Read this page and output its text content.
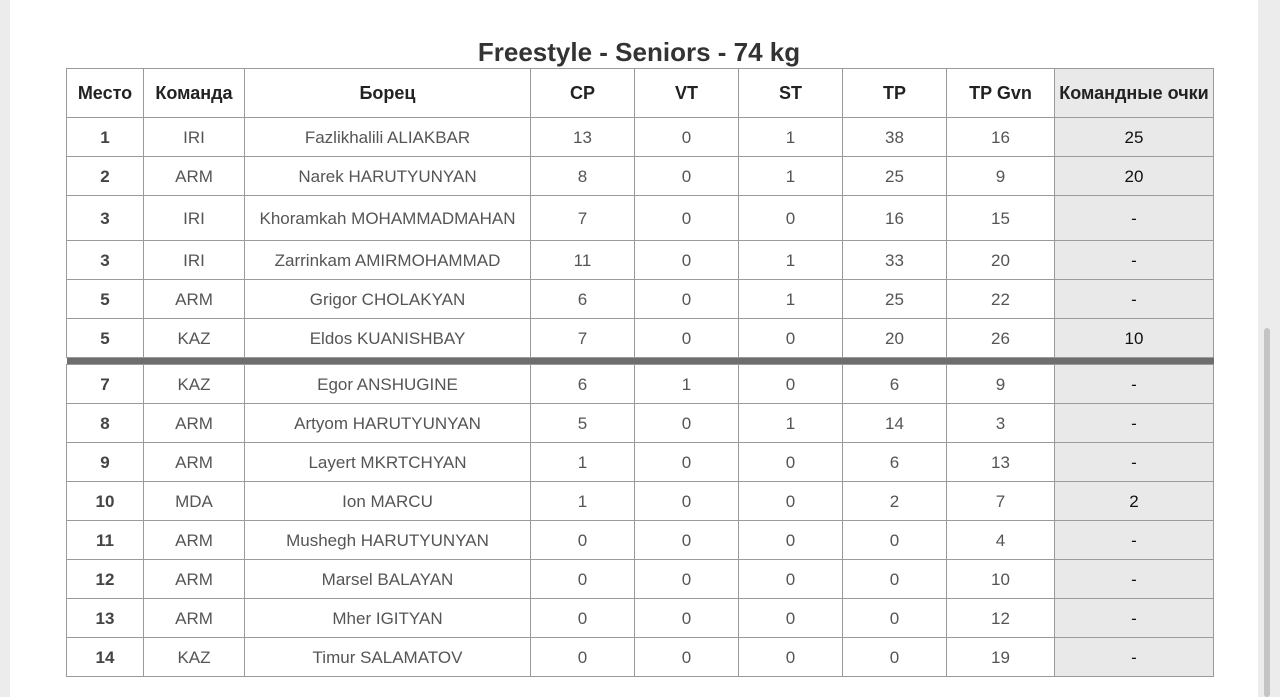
Freestyle - Seniors - 74 kg
Место	Команда	Борец	CP	VT	ST	TP	TP Gvn	Командные очки
1	IRI	Fazlikhalili ALIAKBAR	13	0	1	38	16	25
2	ARM	Narek HARUTYUNYAN	8	0	1	25	9	20
3	IRI	Khoramkah MOHAMMADMAHAN	7	0	0	16	15	-
3	IRI	Zarrinkam AMIRMOHAMMAD	11	0	1	33	20	-
5	ARM	Grigor CHOLAKYAN	6	0	1	25	22	-
5	KAZ	Eldos KUANISHBAY	7	0	0	20	26	10

7	KAZ	Egor ANSHUGINE	6	1	0	6	9	-
8	ARM	Artyom HARUTYUNYAN	5	0	1	14	3	-
9	ARM	Layert MKRTCHYAN	1	0	0	6	13	-
10	MDA	Ion MARCU	1	0	0	2	7	2
11	ARM	Mushegh HARUTYUNYAN	0	0	0	0	4	-
12	ARM	Marsel BALAYAN	0	0	0	0	10	-
13	ARM	Mher IGITYAN	0	0	0	0	12	-
14	KAZ	Timur SALAMATOV	0	0	0	0	19	-
